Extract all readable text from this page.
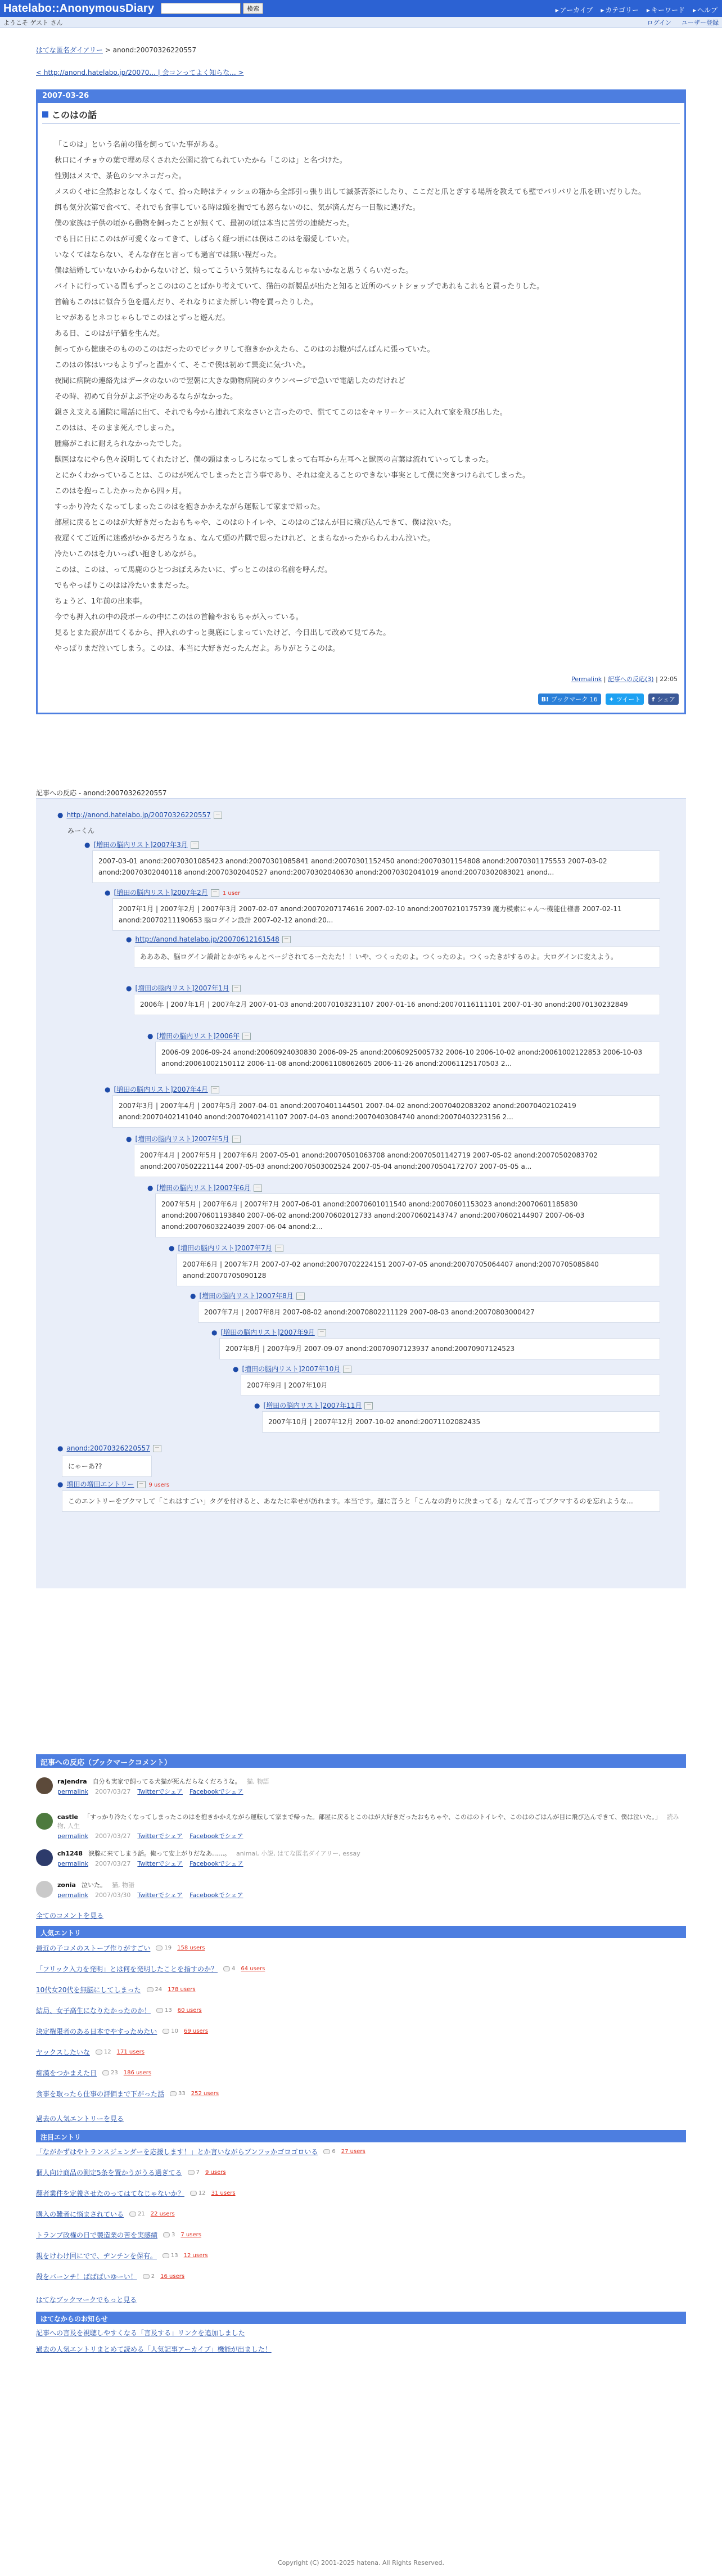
Hatelabo::AnonymousDiary	検索	▸ アーカイブ	▸ カテゴリー	▸ キーワード	▸ ヘルプ
ようこそ ゲスト さん	ログイン ユーザー登録
はてな匿名ダイアリー > anond:20070326220557
< http://anond.hatelabo.jp/20070... | 会コンってよく知らな... >
2007-03-26
このはの話

「このは」という名前の猫を飼っていた事がある。

秋口にイチョウの葉で埋め尽くされた公園に捨てられていたから「このは」と名づけた。

性別はメスで、茶色のシマネコだった。

メスのくせに全然おとなしくなくて、拾った時はティッシュの箱から全部引っ張り出して滅茶苦茶にしたり、ここだと爪とぎする場所を教えても壁でバリバリと爪を研いだりした。

餌も気分次第で食べて、それでも食事している時は頭を撫でても怒らないのに、気が済んだら一目散に逃げた。

僕の家族は子供の頃から動物を飼ったことが無くて、最初の頃は本当に苦労の連続だった。

でも日に日にこのはが可愛くなってきて、しばらく経つ頃には僕はこのはを溺愛していた。

いなくてはならない、そんな存在と言っても過言では無い程だった。

僕は結婚していないからわからないけど、娘ってこういう気持ちになるんじゃないかなと思うくらいだった。

バイトに行っている間もずっとこのはのことばかり考えていて、猫缶の新製品が出たと知ると近所のペットショップであれもこれもと買ったりした。

首輪もこのはに似合う色を選んだり、それなりにまた新しい物を買ったりした。

ヒマがあるとネコじゃらしでこのはとずっと遊んだ。

ある日、このはが子猫を生んだ。

飼ってから健康そのもののこのはだったのでビックリして抱きかかえたら、このはのお腹がぱんぱんに張っていた。

このはの体はいつもよりずっと温かくて、そこで僕は初めて異変に気づいた。

夜間に病院の連絡先はデータのないので翌朝に大きな動物病院のタウンページで急いで電話したのだけれど

その時、初めて自分がよぶ予定のあるならがなかった。

親さえ支える通院に電話に出て、それでも今から連れて来なさいと言ったので、慌ててこのはをキャリーケースに入れて家を飛び出した。

このはは、そのまま死んでしまった。

腫瘍がこれに耐えられなかったでした。

獣医はなにやら色々説明してくれたけど、僕の頭はまっしろになってしまって右耳から左耳へと獣医の言葉は流れていってしまった。

とにかくわかっていることは、このはが死んでしまったと言う事であり、それは変えることのできない事実として僕に突きつけられてしまった。

このはを抱っこしたかったから四ヶ月。

すっかり冷たくなってしまったこのはを抱きかかえながら運転して家まで帰った。

部屋に戻るとこのはが大好きだったおもちゃや、このはのトイレや、このはのごはんが目に飛び込んできて、僕は泣いた。

夜遅くてご近所に迷惑がかかるだろうなぁ、なんて頭の片隅で思ったけれど、とまらなかったからわんわん泣いた。

冷たいこのはを力いっぱい抱きしめながら。

このは、このは、って馬鹿のひとつおぼえみたいに、ずっとこのはの名前を呼んだ。

でもやっぱりこのはは冷たいままだった。

ちょうど、1年前の出来事。

今でも押入れの中の段ボールの中にこのはの首輪やおもちゃが入っている。

見るとまた涙が出てくるから、押入れのすっと奥底にしまっていたけど、今日出して改めて見てみた。

やっぱりまだ泣いてしまう。このは、本当に大好きだったんだよ。ありがとうこのは。

Permalink | 記事への反応(3) | 22:05
B! ブックマーク 16 ✦ ツイート f シェア
記事への反応 - anond:20070326220557
● http://anond.hatelabo.jp/20070326220557 －
みーくん
● [増田の脳内リスト]2007年3月 －
2007-03-01 anond:20070301085423 anond:20070301085841 anond:20070301152450 anond:20070301154808 anond:20070301175553 2007-03-02 anond:20070302040118 anond:20070302040527 anond:20070302040630 anond:20070302041019 anond:20070302083021 anond...
● [増田の脳内リスト]2007年2月 － 1 user
2007年1月 | 2007年2月 | 2007年3月 2007-02-07 anond:20070207174616 2007-02-10 anond:20070210175739 魔力模索にゃん～機能仕様書 2007-02-11 anond:20070211190653 脳ログイン設計 2007-02-12 anond:20...
● http://anond.hatelabo.jp/20070612161548 －
ああああ、脳ログイン設計とかがちゃんとページされてるーたたた！！いや、つくったのよ。つくったのよ。つくったきがするのよ。大ログインに変えよう。
● [増田の脳内リスト]2007年1月 －
2006年 | 2007年1月 | 2007年2月 2007-01-03 anond:20070103231107 2007-01-16 anond:20070116111101 2007-01-30 anond:20070130232849
● [増田の脳内リスト]2006年 －
2006-09 2006-09-24 anond:20060924030830 2006-09-25 anond:20060925005732 2006-10 2006-10-02 anond:20061002122853 2006-10-03 anond:20061002150112 2006-11-08 anond:20061108062605 2006-11-26 anond:20061125170503 2...
● [増田の脳内リスト]2007年4月 －
2007年3月 | 2007年4月 | 2007年5月 2007-04-01 anond:20070401144501 2007-04-02 anond:20070402083202 anond:20070402102419 anond:20070402141040 anond:20070402141107 2007-04-03 anond:20070403084740 anond:20070403223156 2...
● [増田の脳内リスト]2007年5月 －
2007年4月 | 2007年5月 | 2007年6月 2007-05-01 anond:20070501063708 anond:20070501142719 2007-05-02 anond:20070502083702 anond:20070502221144 2007-05-03 anond:20070503002524 2007-05-04 anond:20070504172707 2007-05-05 a...
● [増田の脳内リスト]2007年6月 －
2007年5月 | 2007年6月 | 2007年7月 2007-06-01 anond:20070601011540 anond:20070601153023 anond:20070601185830 anond:20070601193840 2007-06-02 anond:20070602012733 anond:20070602143747 anond:20070602144907 2007-06-03 anond:20070603224039 2007-06-04 anond:2...
● [増田の脳内リスト]2007年7月 －
2007年6月 | 2007年7月 2007-07-02 anond:20070702224151 2007-07-05 anond:20070705064407 anond:20070705085840 anond:20070705090128
● [増田の脳内リスト]2007年8月 －
2007年7月 | 2007年8月 2007-08-02 anond:20070802211129 2007-08-03 anond:20070803000427
● [増田の脳内リスト]2007年9月 －
2007年8月 | 2007年9月 2007-09-07 anond:20070907123937 anond:20070907124523
● [増田の脳内リスト]2007年10月 －
2007年9月 | 2007年10月
● [増田の脳内リスト]2007年11月 －
2007年10月 | 2007年12月 2007-10-02 anond:20071102082435
● anond:20070326220557 －
にゃーあ??
● 増田の増田エントリー － 9 users
このエントリーをブクマして「これはすごい」タグを付けると、あなたに幸せが訪れます。本当です。運に言うと「こんなの釣りに決まってる」なんて言ってブクマするのを忘れような...
記事への反応（ブックマークコメント）
rajendra 自分も実家で飼ってる犬猫が死んだらなくだろうな。 猫, 物語
permalink 2007/03/27 Twitterでシェア Facebookでシェア
castle 「すっかり冷たくなってしまったこのはを抱きかかえながら運転して家まで帰った。部屋に戻るとこのはが大好きだったおもちゃや、このはのトイレや、このはのごはんが目に飛び込んできて、僕は泣いた。」 読み物, 人生
permalink 2007/03/27 Twitterでシェア Facebookでシェア
ch1248 涙腺に来てしまう話。俺って安上がりだなあ……。 animal, 小説, はてな匿名ダイアリー, essay
permalink 2007/03/27 Twitterでシェア Facebookでシェア
zonia 泣いた。 猫, 物語
permalink 2007/03/30 Twitterでシェア Facebookでシェア
全てのコメントを見る
人気エントリ
最近の子コメのストーブ作りがすごい	19 158 users
「フリック入力を発明」とは何を発明したことを指すのか？	4 64 users
10代女20代を無脳にしてしまった	24 178 users
結局、女子高生になりたかったのか！	13 60 users
決定権限者のある日本でやすっためたい	10 69 users
ヤックスしたいな	12 171 users
痴漢をつかまえた日	23 186 users
食事を取ったら仕事の評価まで下がった話	33 252 users
過去の人気エントリーを見る
注目エントリ
「ながかずはやトランスジェンダーを応援します！」とか言いながらブンフッかゴロゴロいる	6 27 users
個人向け商品の測定5条を置かうがうる過ぎてる	7 9 users
翻者業件を定義させたのってはてなじゃないか？	12 31 users
購入の難者に悩まされている	21 22 users
トランプ政権の日で製造業の苦を実感績	3 7 users
親をけわけ回にでで、ヂンチンを保有。	13 12 users
殺をバーンチ！ばばばいゆーい！	2 16 users
はてなブックマークでもっと見る
はてなからのお知らせ
記事への言及を視聴しやすくなる「言及する」リンクを追加しました
過去の人気エントリまとめて読める「人気記事アーカイブ」機能が出ました！
Copyright (C) 2001-2025 hatena. All Rights Reserved.
